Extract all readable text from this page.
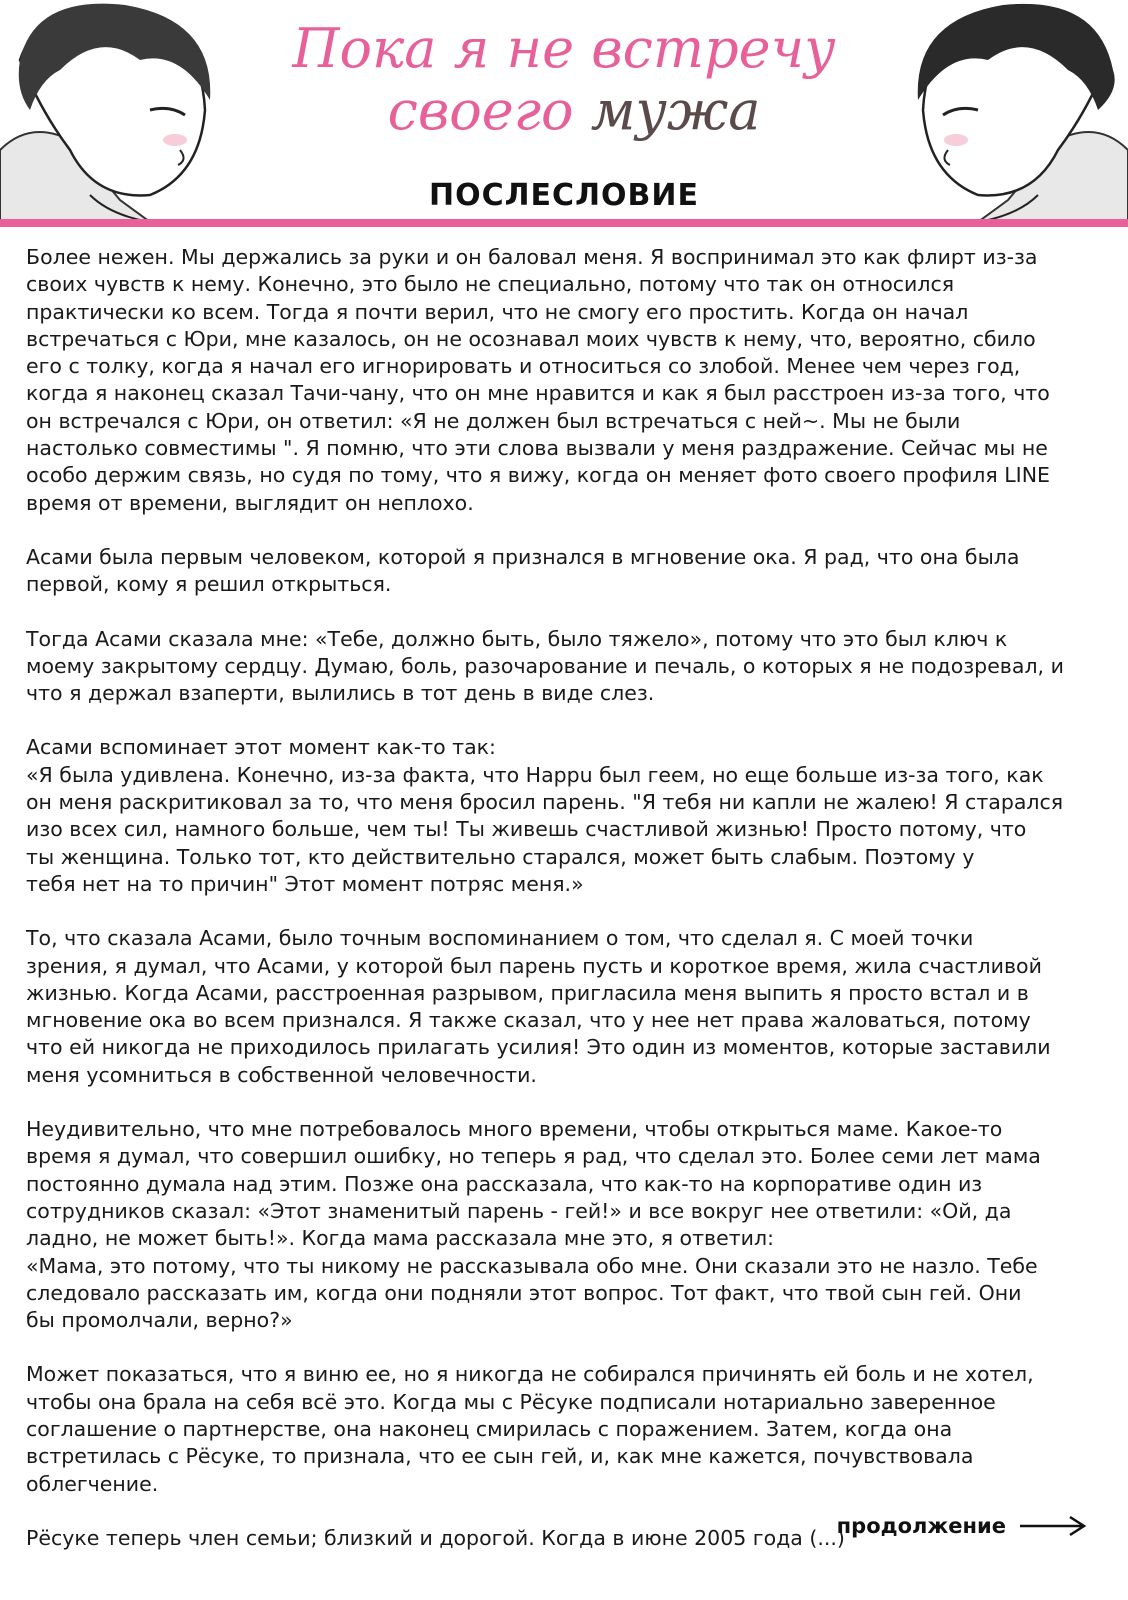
Пока я не встречу
своего мужа
ПОСЛЕСЛОВИЕ

Более нежен. Мы держались за руки и он баловал меня. Я воспринимал это как флирт из-за
своих чувств к нему. Конечно, это было не специально, потому что так он относился
практически ко всем. Тогда я почти верил, что не смогу его простить. Когда он начал
встречаться с Юри, мне казалось, он не осознавал моих чувств к нему, что, вероятно, сбило
его с толку, когда я начал его игнорировать и относиться со злобой. Менее чем через год,
когда я наконец сказал Тачи-чану, что он мне нравится и как я был расстроен из-за того, что
он встречался с Юри, он ответил: «Я не должен был встречаться с ней~. Мы не были
настолько совместимы ". Я помню, что эти слова вызвали у меня раздражение. Сейчас мы не
особо держим связь, но судя по тому, что я вижу, когда он меняет фото своего профиля LINE
время от времени, выглядит он неплохо.

Асами была первым человеком, которой я признался в мгновение ока. Я рад, что она была
первой, кому я решил открыться.

Тогда Асами сказала мне: «Тебе, должно быть, было тяжело», потому что это был ключ к
моему закрытому сердцу. Думаю, боль, разочарование и печаль, о которых я не подозревал, и
что я держал взаперти, вылились в тот день в виде слез.

Асами вспоминает этот момент как-то так:
«Я была удивлена. Конечно, из-за факта, что Нappu был геем, но еще больше из-за того, как
он меня раскритиковал за то, что меня бросил парень. "Я тебя ни капли не жалею! Я старался
изо всех сил, намного больше, чем ты! Ты живешь счастливой жизнью! Просто потому, что
ты женщина. Только тот, кто действительно старался, может быть слабым. Поэтому у
тебя нет на то причин" Этот момент потряс меня.»

То, что сказала Асами, было точным воспоминанием о том, что сделал я. С моей точки
зрения, я думал, что Асами, у которой был парень пусть и короткое время, жила счастливой
жизнью. Когда Асами, расстроенная разрывом, пригласила меня выпить я просто встал и в
мгновение ока во всем признался. Я также сказал, что у нее нет права жаловаться, потому
что ей никогда не приходилось прилагать усилия! Это один из моментов, которые заставили
меня усомниться в собственной человечности.

Неудивительно, что мне потребовалось много времени, чтобы открыться маме. Какое-то
время я думал, что совершил ошибку, но теперь я рад, что сделал это. Более семи лет мама
постоянно думала над этим. Позже она рассказала, что как-то на корпоративе один из
сотрудников сказал: «Этот знаменитый парень - гей!» и все вокруг нее ответили: «Ой, да
ладно, не может быть!». Когда мама рассказала мне это, я ответил:
«Мама, это потому, что ты никому не рассказывала обо мне. Они сказали это не назло. Тебе
следовало рассказать им, когда они подняли этот вопрос. Тот факт, что твой сын гей. Они
бы промолчали, верно?»

Может показаться, что я виню ее, но я никогда не собирался причинять ей боль и не хотел,
чтобы она брала на себя всё это. Когда мы с Рёсуке подписали нотариально заверенное
соглашение о партнерстве, она наконец смирилась с поражением. Затем, когда она
встретилась с Рёсуке, то признала, что ее сын гей, и, как мне кажется, почувствовала
облегчение.

Рёсуке теперь член семьи; близкий и дорогой. Когда в июне 2005 года (...)

продолжение
